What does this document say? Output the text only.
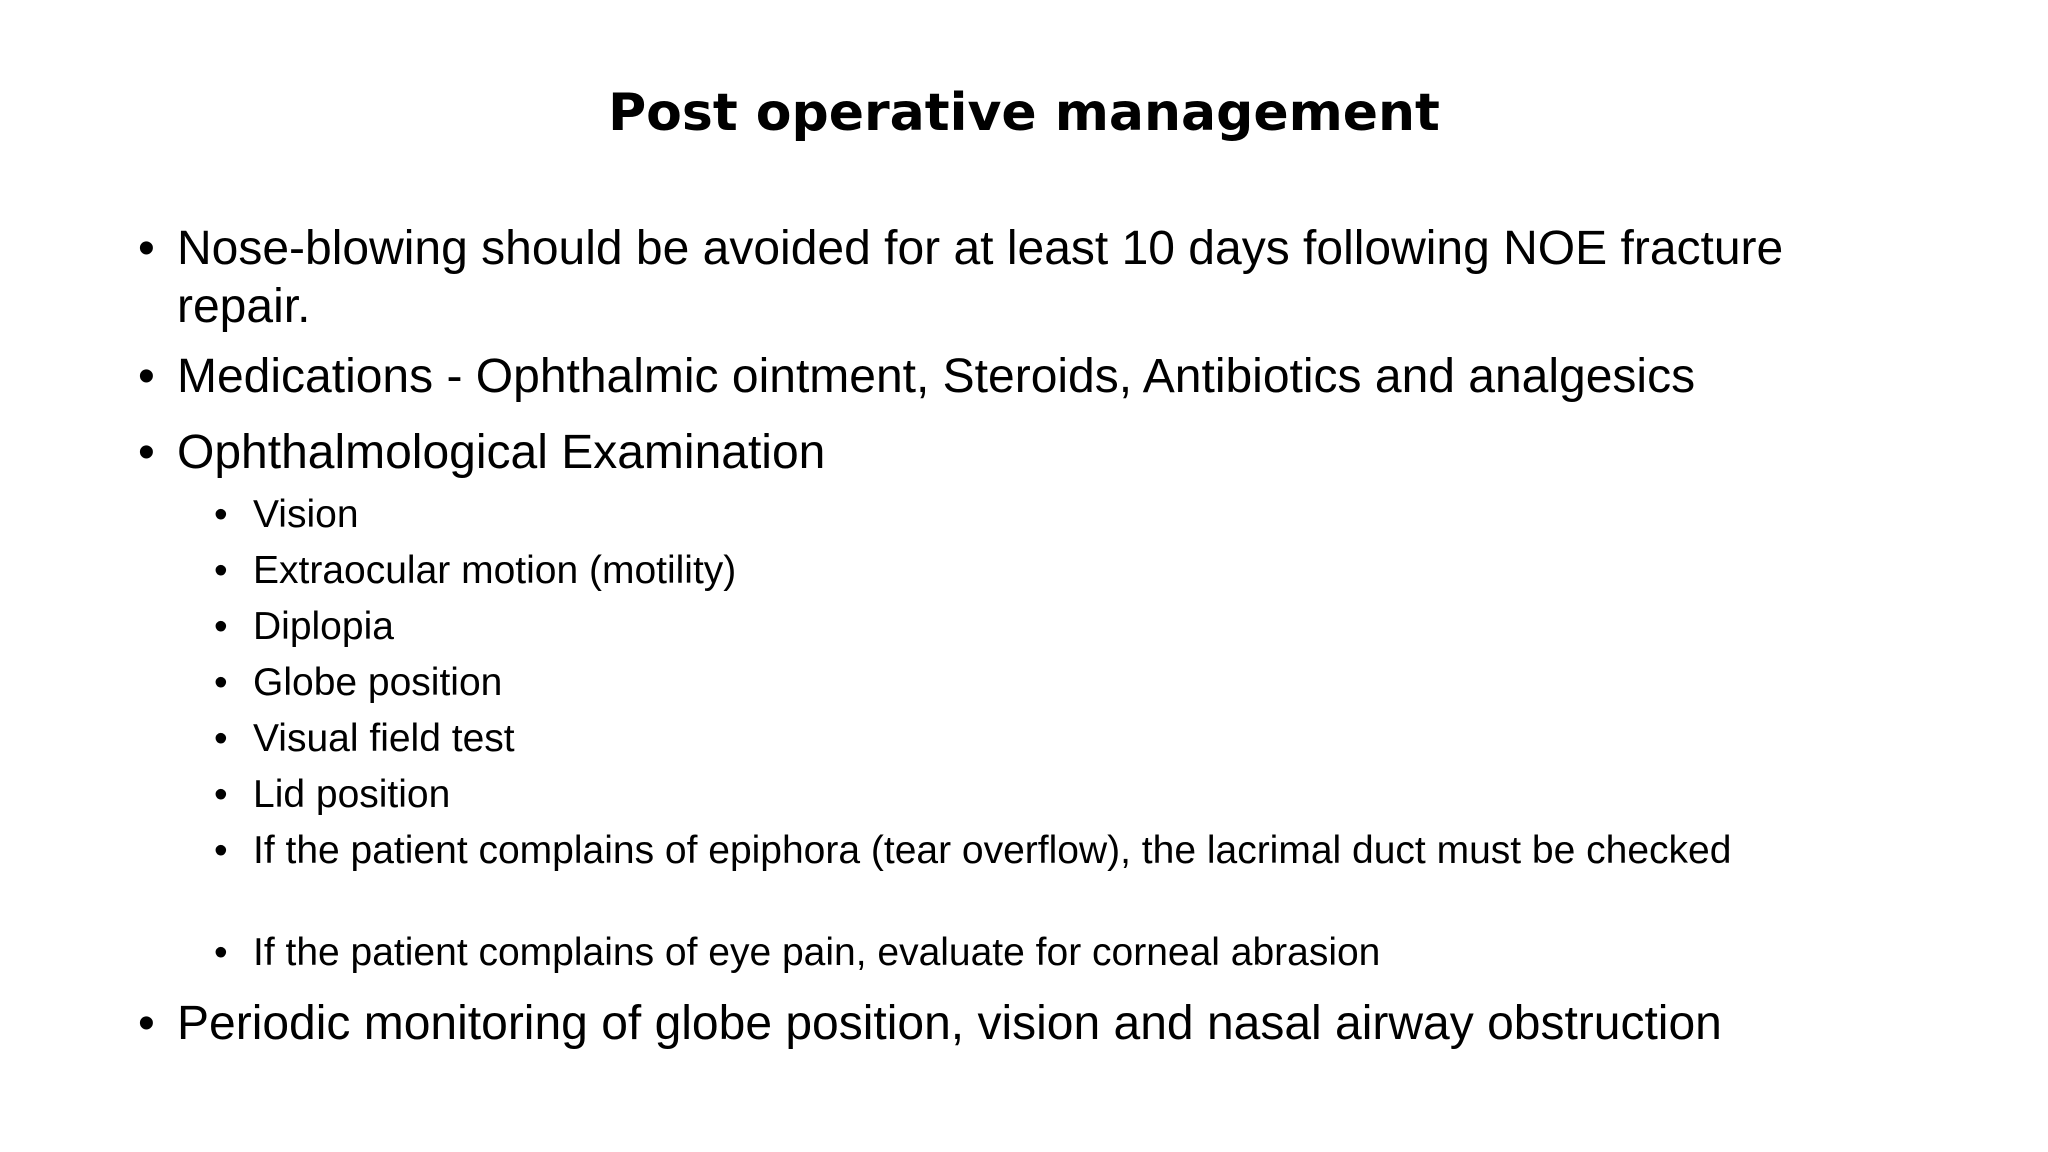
Post operative management
• Nose-blowing should be avoided for at least 10 days following NOE fracture repair.
• Medications - Ophthalmic ointment, Steroids, Antibiotics and analgesics
• Ophthalmological Examination
• Vision
• Extraocular motion (motility)
• Diplopia
• Globe position
• Visual field test
• Lid position
• If the patient complains of epiphora (tear overflow), the lacrimal duct must be checked
• If the patient complains of eye pain, evaluate for corneal abrasion
• Periodic monitoring of globe position, vision and nasal airway obstruction
